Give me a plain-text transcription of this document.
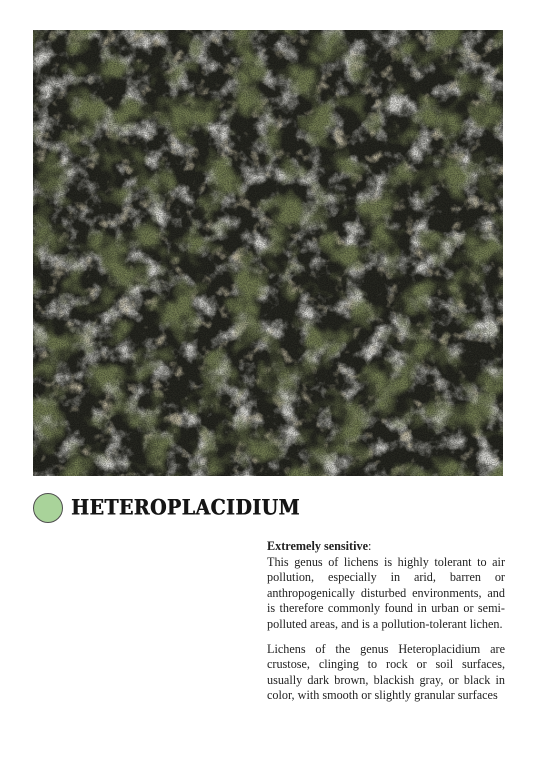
HETEROPLACIDIUM

Extremely sensitive:
This genus of lichens is highly tolerant to air pollution, especially in arid, barren or anthropogenically disturbed environments, and is therefore commonly found in urban or semi-polluted areas, and is a pollution-tolerant lichen.

Lichens of the genus Heteroplacidium are crustose, clinging to rock or soil surfaces, usually dark brown, blackish gray, or black in color, with smooth or slightly granular surfaces
